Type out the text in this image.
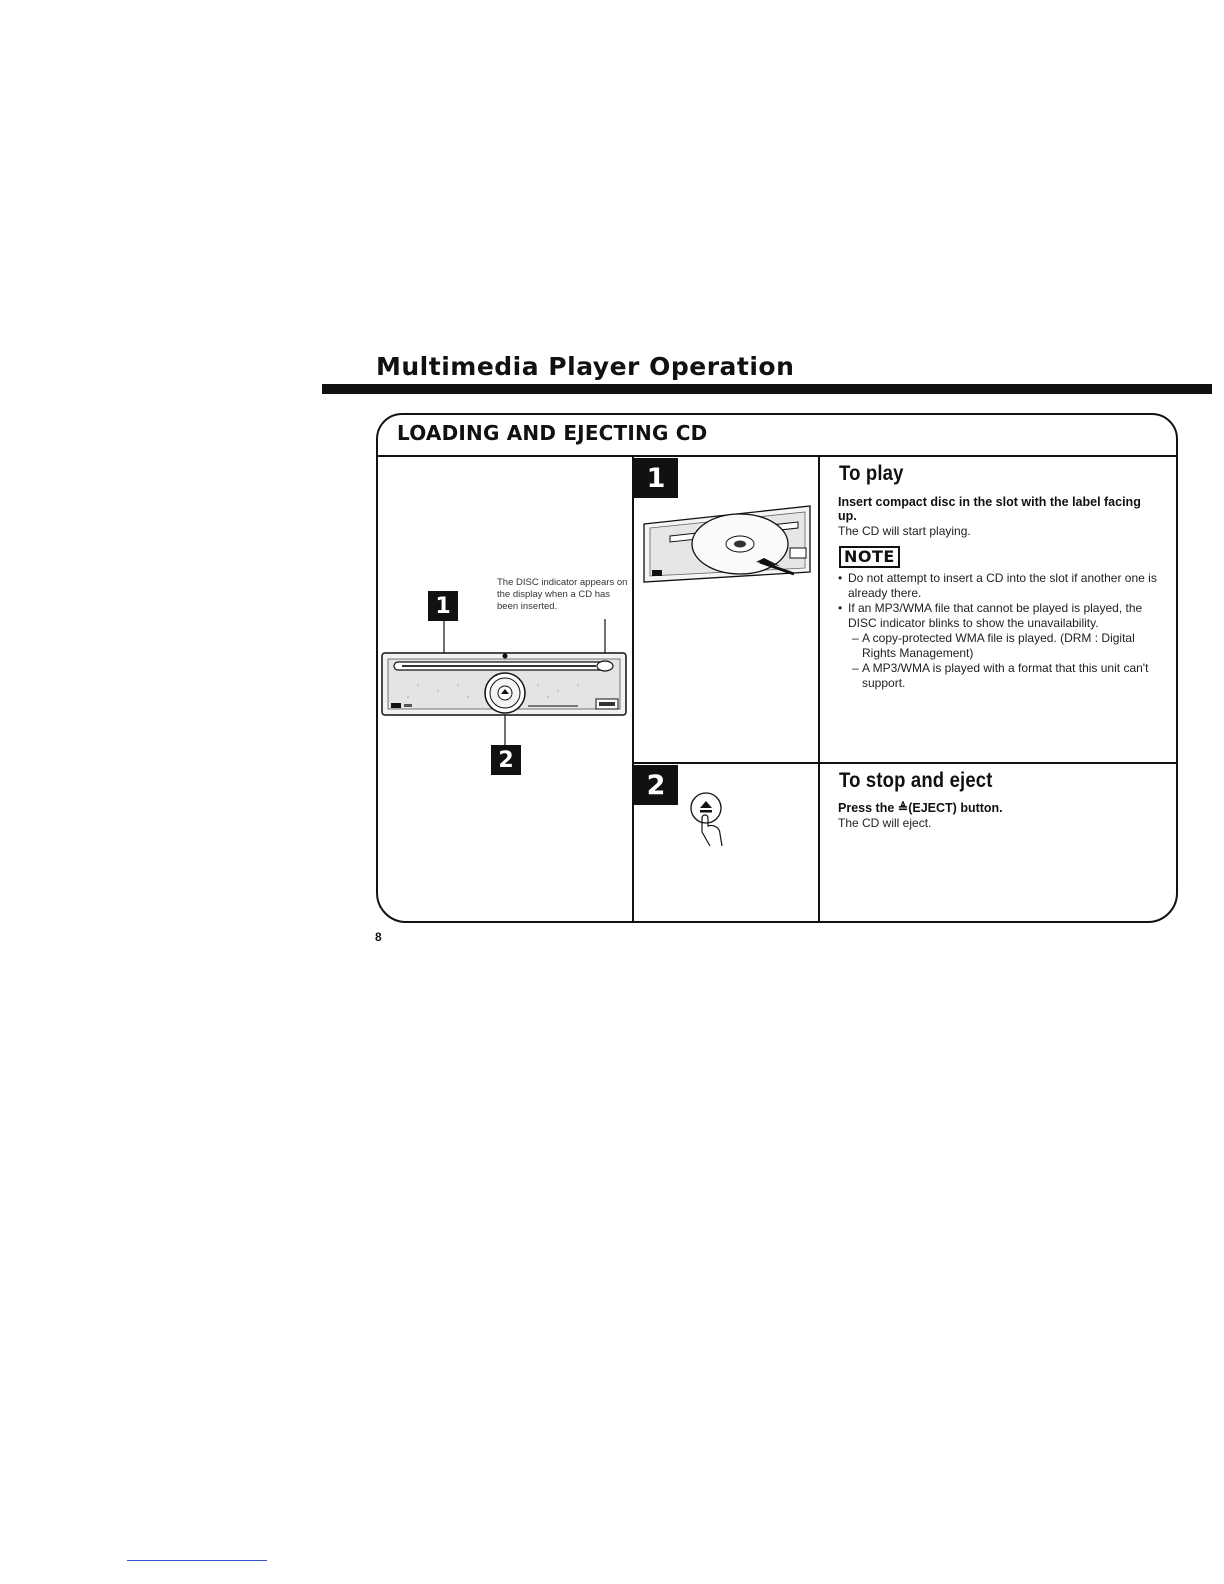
Multimedia Player Operation
LOADING AND EJECTING CD
The DISC indicator appears on the display when a CD has been inserted.
1
2
1	To play
Insert compact disc in the slot with the label facing up.
The CD will start playing.
NOTE
• Do not attempt to insert a CD into the slot if another one is already there.
• If an MP3/WMA file that cannot be played is played, the DISC indicator blinks to show the unavailability.
– A copy-protected WMA file is played. (DRM : Digital Rights Management)
– A MP3/WMA is played with a format that this unit can't support.
2	To stop and eject
Press the ≜(EJECT) button.
The CD will eject.
8
